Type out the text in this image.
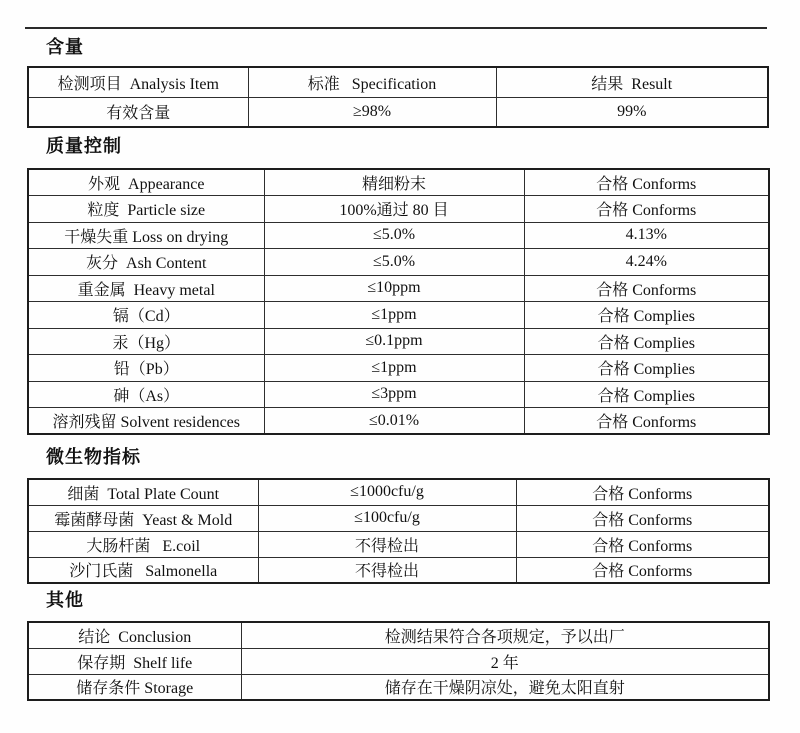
含量
检测项目  Analysis Item	标准   Specification	结果  Result
有效含量	≥98%	99%
质量控制
外观  Appearance	精细粉末	合格 Conforms
粒度  Particle size	100%通过 80 目	合格 Conforms
干燥失重 Loss on drying	≤5.0%	4.13%
灰分  Ash Content	≤5.0%	4.24%
重金属  Heavy metal	≤10ppm	合格 Conforms
镉（Cd）	≤1ppm	合格 Complies
汞（Hg）	≤0.1ppm	合格 Complies
铅（Pb）	≤1ppm	合格 Complies
砷（As）	≤3ppm	合格 Complies
溶剂残留 Solvent residences	≤0.01%	合格 Conforms
微生物指标
细菌  Total Plate Count	≤1000cfu/g	合格 Conforms
霉菌酵母菌  Yeast & Mold	≤100cfu/g	合格 Conforms
大肠杆菌   E.coil	不得检出	合格 Conforms
沙门氏菌   Salmonella	不得检出	合格 Conforms
其他
结论  Conclusion	检测结果符合各项规定，予以出厂
保存期  Shelf life	2 年
储存条件 Storage	储存在干燥阴凉处，避免太阳直射
